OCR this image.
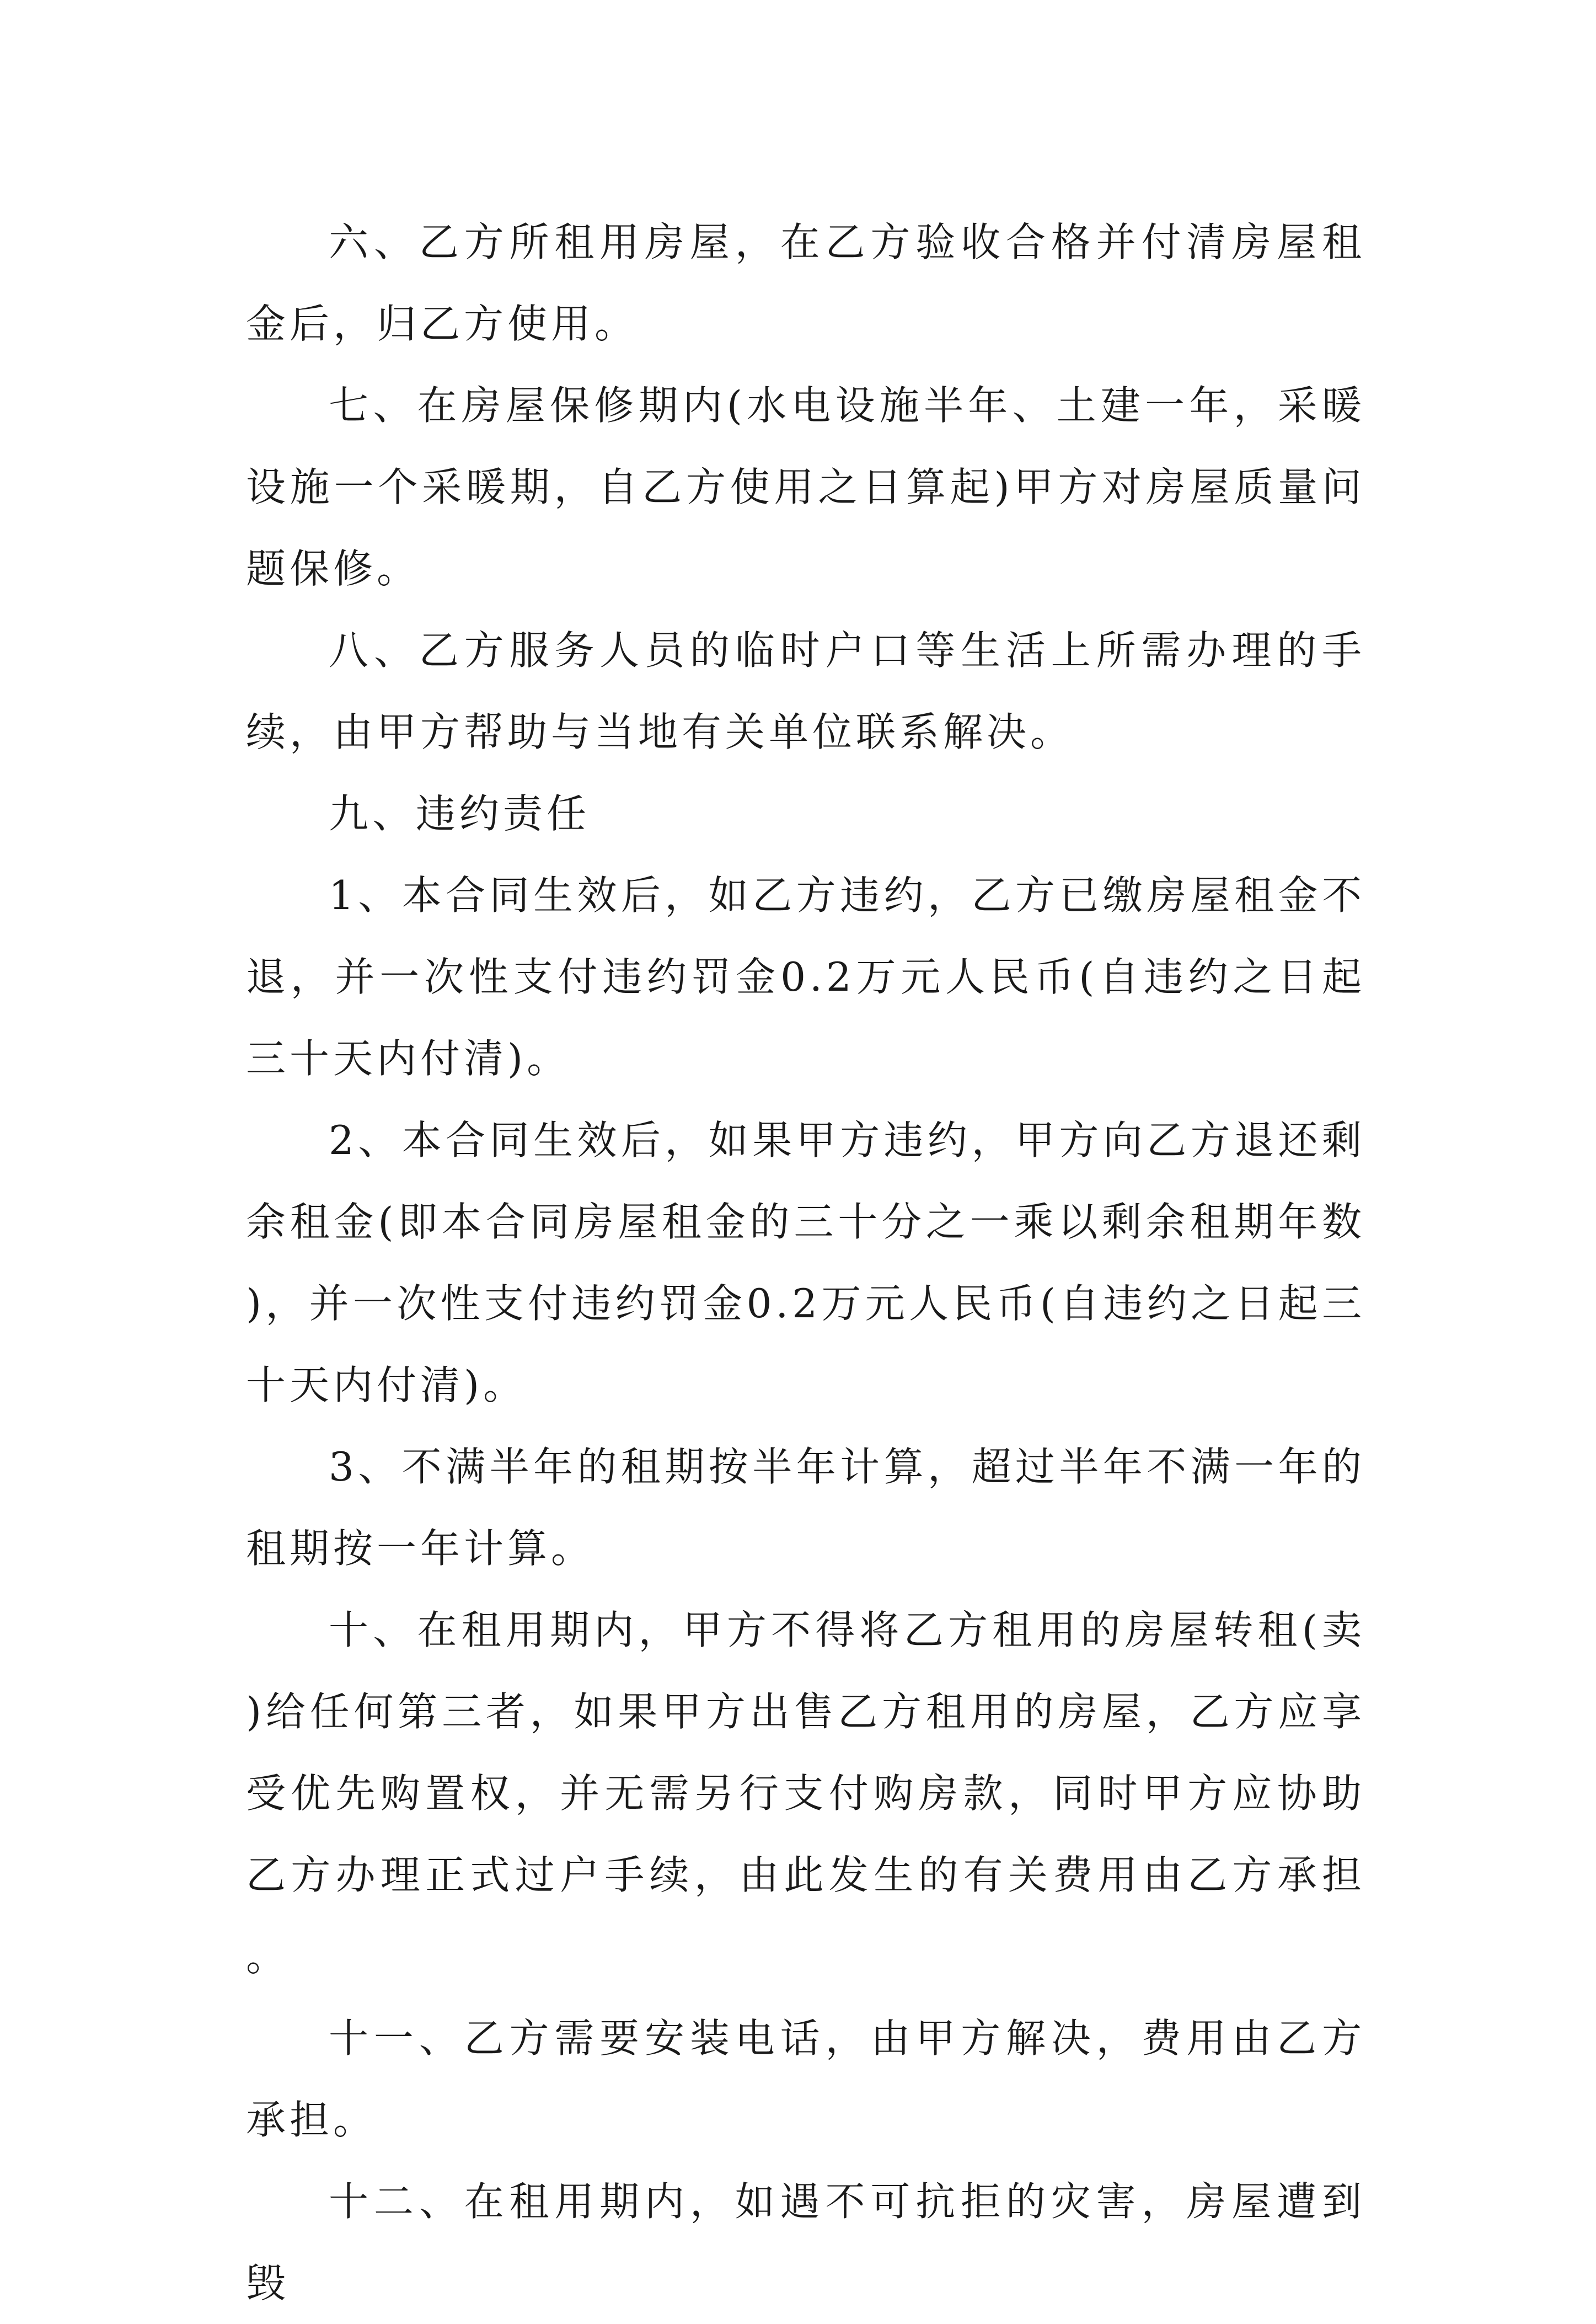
六、乙方所租用房屋，在乙方验收合格并付清房屋租金后，归乙方使用。

七、在房屋保修期内(水电设施半年、土建一年，采暖设施一个采暖期，自乙方使用之日算起)甲方对房屋质量问题保修。

八、乙方服务人员的临时户口等生活上所需办理的手续，由甲方帮助与当地有关单位联系解决。

九、违约责任

1、本合同生效后，如乙方违约，乙方已缴房屋租金不退，并一次性支付违约罚金0.2万元人民币(自违约之日起三十天内付清)。

2、本合同生效后，如果甲方违约，甲方向乙方退还剩余租金(即本合同房屋租金的三十分之一乘以剩余租期年数)，并一次性支付违约罚金0.2万元人民币(自违约之日起三十天内付清)。

3、不满半年的租期按半年计算，超过半年不满一年的租期按一年计算。

十、在租用期内，甲方不得将乙方租用的房屋转租(卖)给任何第三者，如果甲方出售乙方租用的房屋，乙方应享受优先购置权，并无需另行支付购房款，同时甲方应协助乙方办理正式过户手续，由此发生的有关费用由乙方承担。

十一、乙方需要安装电话，由甲方解决，费用由乙方承担。

十二、在租用期内，如遇不可抗拒的灾害，房屋遭到毁
